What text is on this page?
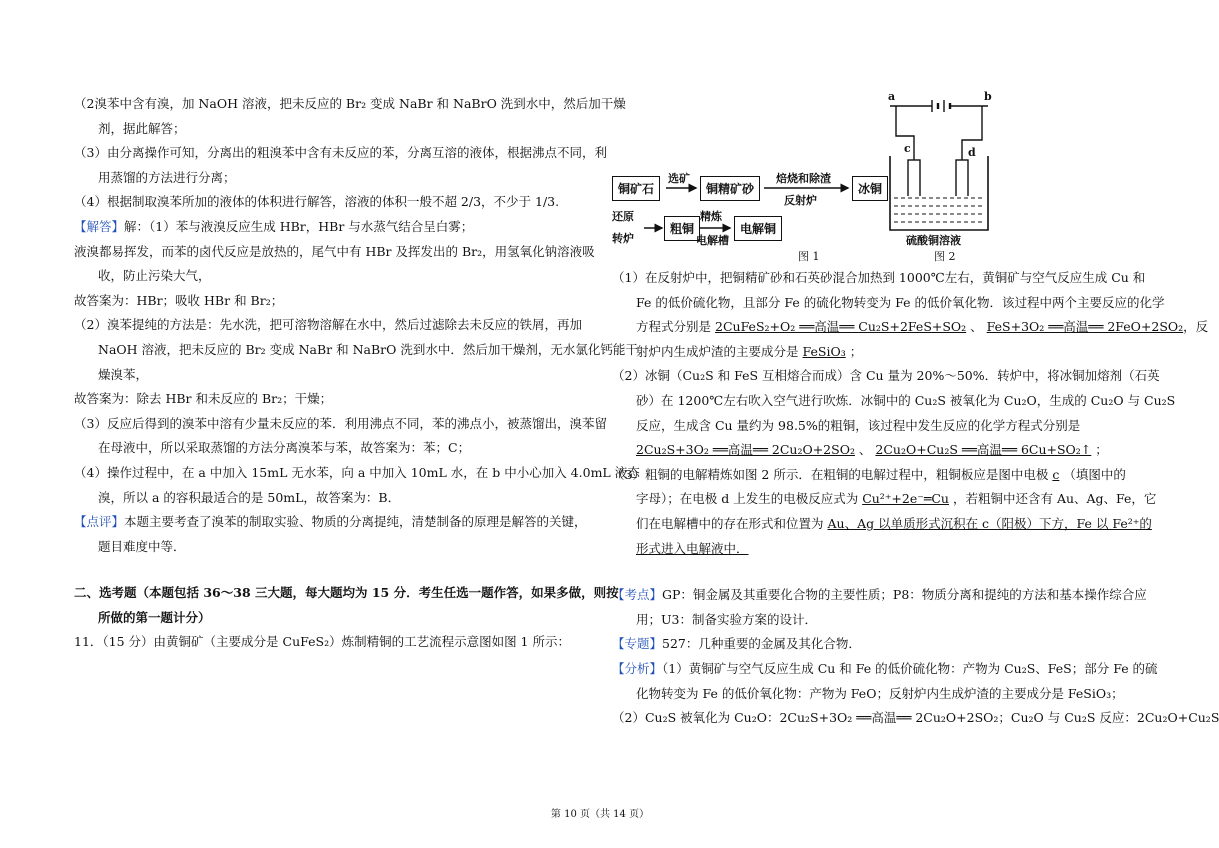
（2溴苯中含有溴，加 NaOH 溶液，把未反应的 Br₂ 变成 NaBr 和 NaBrO 洗到水中，然后加干燥
剂，据此解答；
（3）由分离操作可知，分离出的粗溴苯中含有未反应的苯，分离互溶的液体，根据沸点不同，利
用蒸馏的方法进行分离；
（4）根据制取溴苯所加的液体的体积进行解答，溶液的体积一般不超 2/3，不少于 1/3.
【解答】解：（1）苯与液溴反应生成 HBr，HBr 与水蒸气结合呈白雾；
液溴都易挥发，而苯的卤代反应是放热的，尾气中有 HBr 及挥发出的 Br₂，用氢氧化钠溶液吸
收，防止污染大气，
故答案为：HBr；吸收 HBr 和 Br₂；
（2）溴苯提纯的方法是：先水洗，把可溶物溶解在水中，然后过滤除去未反应的铁屑，再加
NaOH 溶液，把未反应的 Br₂ 变成 NaBr 和 NaBrO 洗到水中．然后加干燥剂，无水氯化钙能干
燥溴苯，
故答案为：除去 HBr 和未反应的 Br₂；干燥；
（3）反应后得到的溴苯中溶有少量未反应的苯．利用沸点不同，苯的沸点小，被蒸馏出，溴苯留
在母液中，所以采取蒸馏的方法分离溴苯与苯，故答案为：苯；C；
（4）操作过程中，在 a 中加入 15mL 无水苯，向 a 中加入 10mL 水，在 b 中小心加入 4.0mL 液态
溴，所以 a 的容积最适合的是 50mL，故答案为：B．
【点评】本题主要考查了溴苯的制取实验、物质的分离提纯，清楚制备的原理是解答的关键，
题目难度中等．
二、选考题（本题包括 36～38 三大题，每大题均为 15 分．考生任选一题作答，如果多做，则按
所做的第一题计分）
11．（15 分）由黄铜矿（主要成分是 CuFeS₂）炼制精铜的工艺流程示意图如图 1 所示：
铜矿石
选矿
铜精矿砂
焙烧和除渣
反射炉
冰铜
还原
转炉
粗铜
精炼
电解槽
电解铜
图 1
a	b
c	d
硫酸铜溶液
图 2
（1）在反射炉中，把铜精矿砂和石英砂混合加热到 1000℃左右，黄铜矿与空气反应生成 Cu 和
Fe 的低价硫化物，且部分 Fe 的硫化物转变为 Fe 的低价氧化物．该过程中两个主要反应的化学
方程式分别是 2CuFeS₂+O₂ ══高温══ Cu₂S+2FeS+SO₂ 、 FeS+3O₂ ══高温══ 2FeO+2SO₂，反
射炉内生成炉渣的主要成分是 FeSiO₃ ；
（2）冰铜（Cu₂S 和 FeS 互相熔合而成）含 Cu 量为 20%～50%．转炉中，将冰铜加熔剂（石英
砂）在 1200℃左右吹入空气进行吹炼．冰铜中的 Cu₂S 被氧化为 Cu₂O，生成的 Cu₂O 与 Cu₂S
反应，生成含 Cu 量约为 98.5%的粗铜，该过程中发生反应的化学方程式分别是
2Cu₂S+3O₂ ══高温══ 2Cu₂O+2SO₂ 、 2Cu₂O+Cu₂S ══高温══ 6Cu+SO₂↑ ；
（3）粗铜的电解精炼如图 2 所示．在粗铜的电解过程中，粗铜板应是图中电极 c （填图中的
字母）；在电极 d 上发生的电极反应式为 Cu²⁺+2e⁻═Cu ，若粗铜中还含有 Au、Ag、Fe，它
们在电解槽中的存在形式和位置为 Au、Ag 以单质形式沉积在 c（阳极）下方，Fe 以 Fe²⁺的
形式进入电解液中．
【考点】GP：铜金属及其重要化合物的主要性质；P8：物质分离和提纯的方法和基本操作综合应
用；U3：制备实验方案的设计．
【专题】527：几种重要的金属及其化合物．
【分析】（1）黄铜矿与空气反应生成 Cu 和 Fe 的低价硫化物：产物为 Cu₂S、FeS；部分 Fe 的硫
化物转变为 Fe 的低价氧化物：产物为 FeO；反射炉内生成炉渣的主要成分是 FeSiO₃；
（2）Cu₂S 被氧化为 Cu₂O：2Cu₂S+3O₂ ══高温══ 2Cu₂O+2SO₂；Cu₂O 与 Cu₂S 反应：2Cu₂O+Cu₂S
第 10 页（共 14 页）
